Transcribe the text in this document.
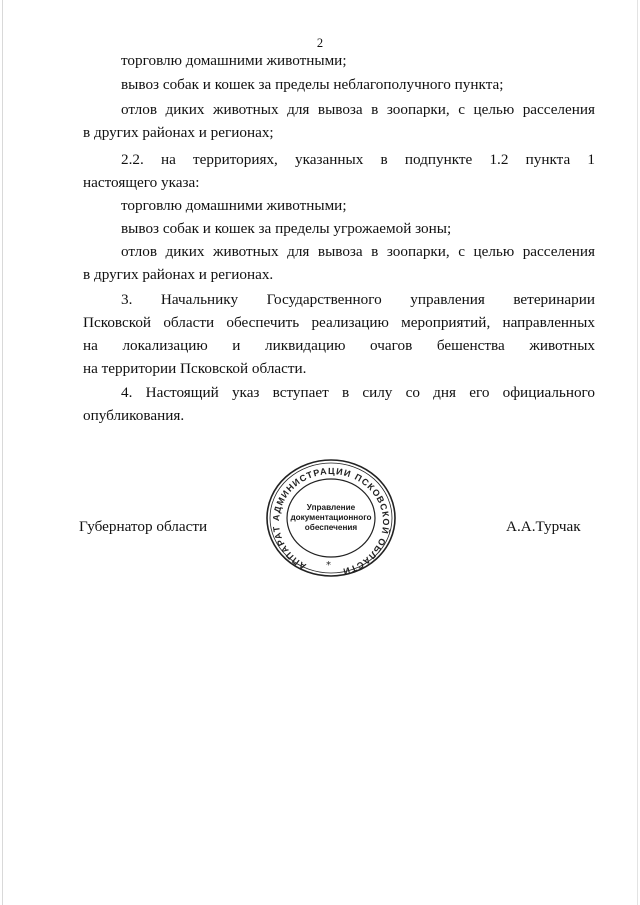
2
торговлю домашними животными;
вывоз собак и кошек за пределы неблагополучного пункта;
отлов диких животных для вывоза в зоопарки, с целью расселения
в других районах и регионах;
2.2. на территориях, указанных в подпункте 1.2 пункта 1
настоящего указа:
торговлю домашними животными;
вывоз собак и кошек за пределы угрожаемой зоны;
отлов диких животных для вывоза в зоопарки, с целью расселения
в других районах и регионах.
3. Начальнику Государственного управления ветеринарии
Псковской области обеспечить реализацию мероприятий, направленных
на локализацию и ликвидацию очагов бешенства животных
на территории Псковской области.
4. Настоящий указ вступает в силу со дня его официального
опубликования.
Губернатор области	А.А.Турчак
АППАРАТ АДМИНИСТРАЦИИ ПСКОВСКОЙ ОБЛАСТИ
Управление
документационного
обеспечения
*
